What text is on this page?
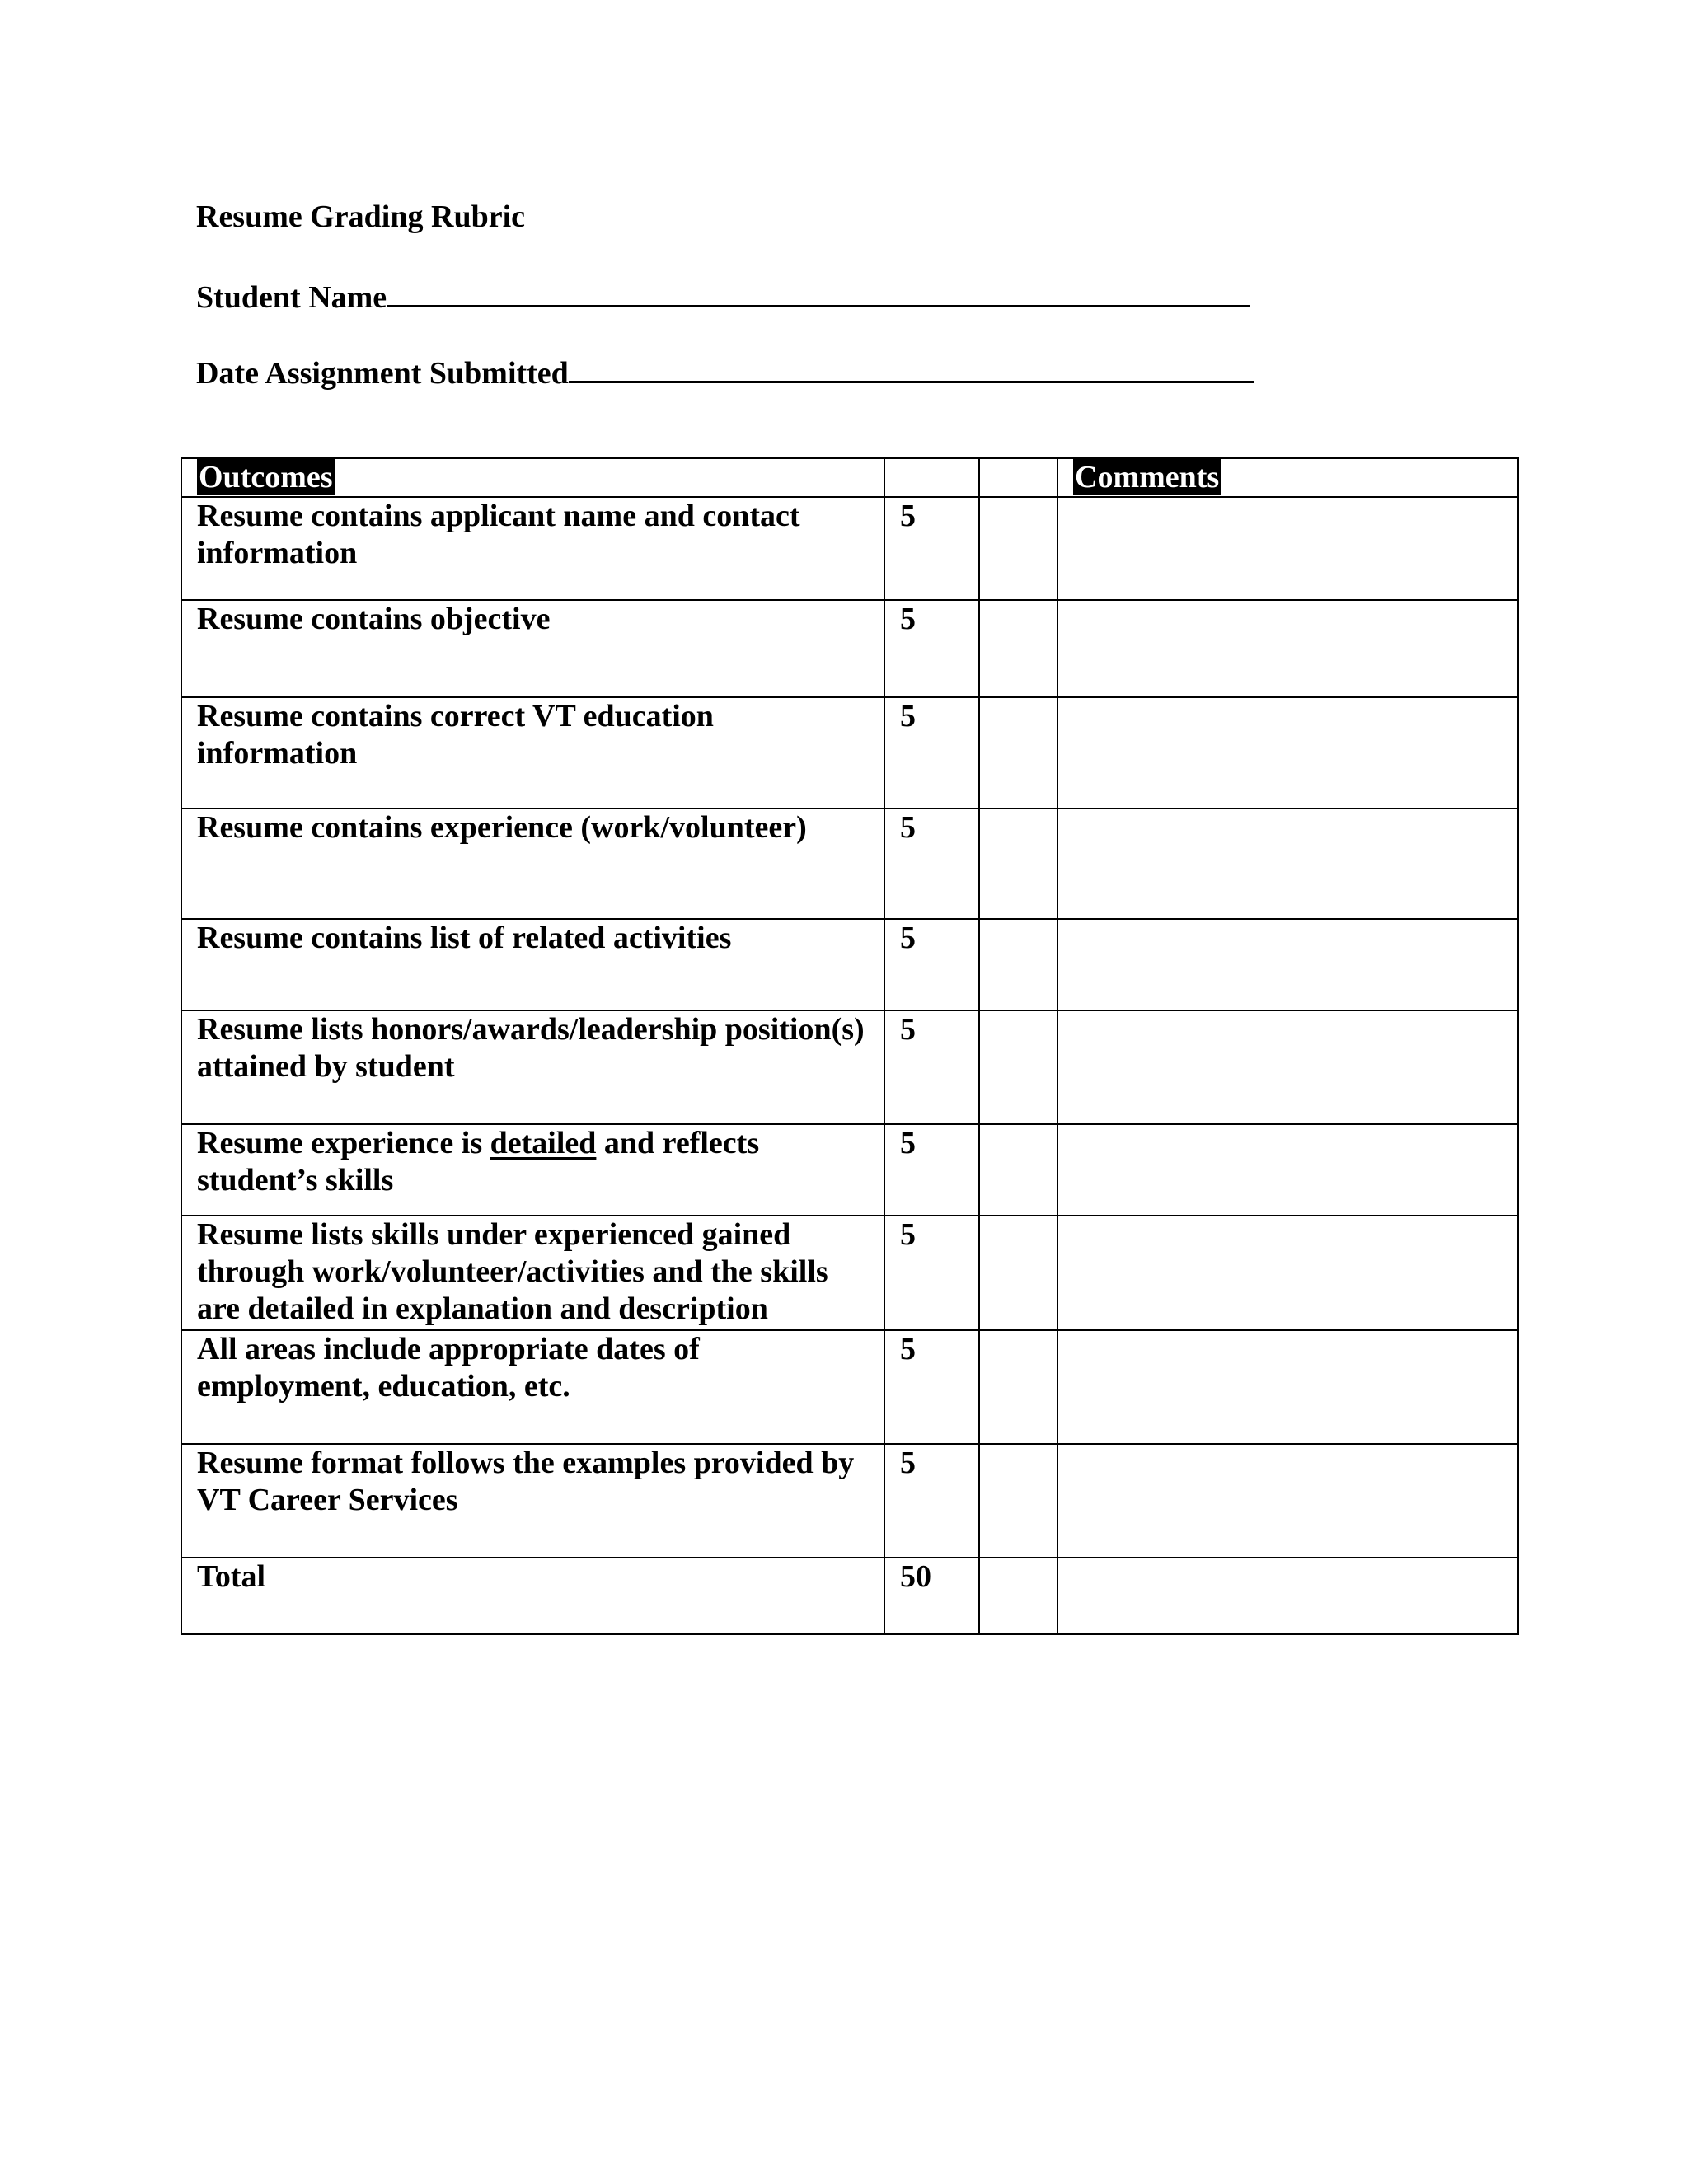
Resume Grading Rubric
Student Name
Date Assignment Submitted
Outcomes			Comments
Resume contains applicant name and contact information	5		
Resume contains objective	5		
Resume contains correct VT education information	5		
Resume contains experience (work/volunteer)	5		
Resume contains list of related activities	5		
Resume lists honors/awards/leadership position(s) attained by student	5		
Resume experience is detailed and reflects student’s skills	5		
Resume lists skills under experienced gained through work/volunteer/activities and the skills are detailed in explanation and description	5		
All areas include appropriate dates of employment, education, etc.	5		
Resume format follows the examples provided by VT Career Services	5		
Total	50		
